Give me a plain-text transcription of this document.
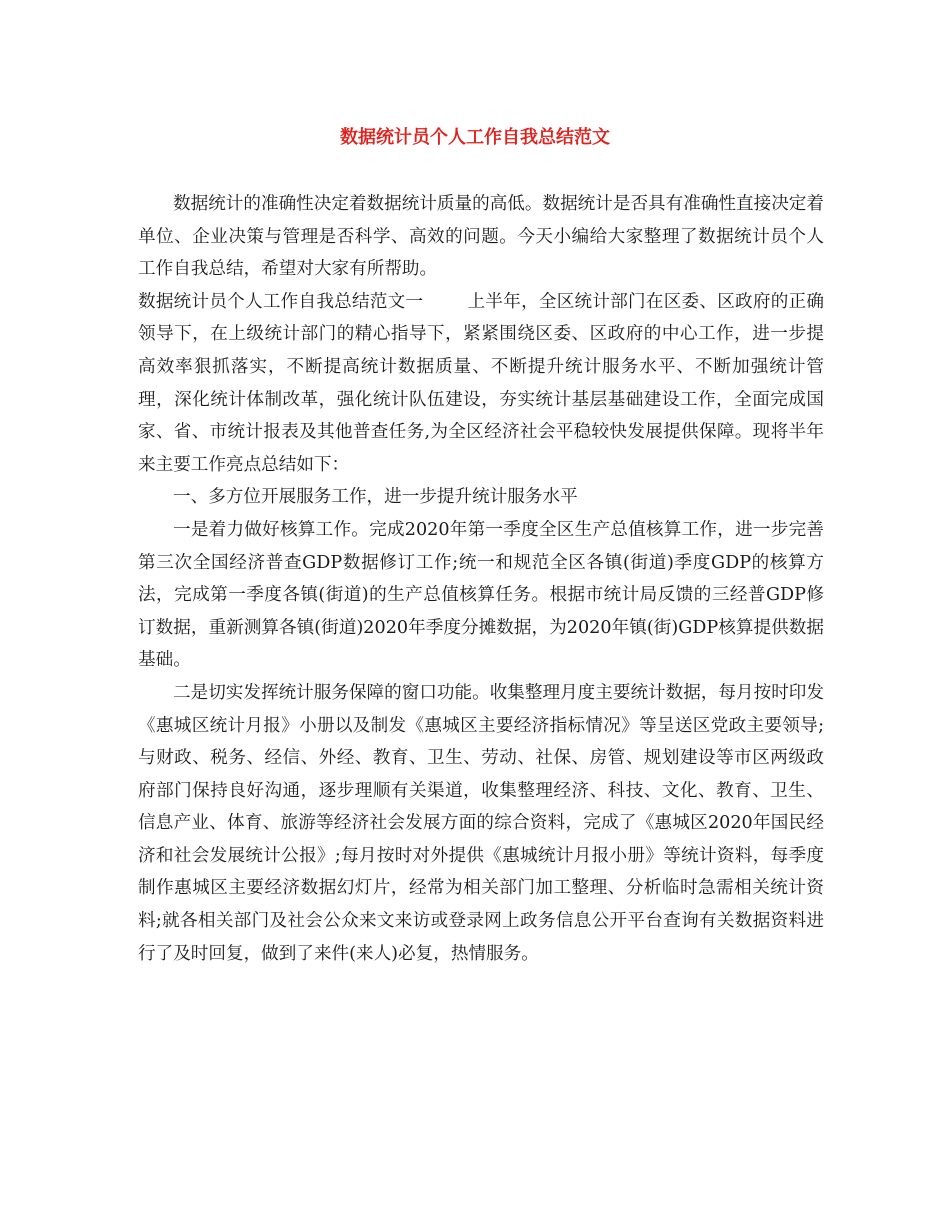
数据统计员个人工作自我总结范文

数据统计的准确性决定着数据统计质量的高低。数据统计是否具有准确性直接决定着单位、企业决策与管理是否科学、高效的问题。今天小编给大家整理了数据统计员个人工作自我总结，希望对大家有所帮助。

数据统计员个人工作自我总结范文一	上半年，全区统计部门在区委、区政府的正确领导下，在上级统计部门的精心指导下，紧紧围绕区委、区政府的中心工作，进一步提高效率狠抓落实，不断提高统计数据质量、不断提升统计服务水平、不断加强统计管理，深化统计体制改革，强化统计队伍建设，夯实统计基层基础建设工作，全面完成国家、省、市统计报表及其他普查任务,为全区经济社会平稳较快发展提供保障。现将半年来主要工作亮点总结如下：

一、多方位开展服务工作，进一步提升统计服务水平

一是着力做好核算工作。完成2020年第一季度全区生产总值核算工作，进一步完善第三次全国经济普查GDP数据修订工作;统一和规范全区各镇(街道)季度GDP的核算方法，完成第一季度各镇(街道)的生产总值核算任务。根据市统计局反馈的三经普GDP修订数据，重新测算各镇(街道)2020年季度分摊数据，为2020年镇(街)GDP核算提供数据基础。

二是切实发挥统计服务保障的窗口功能。收集整理月度主要统计数据，每月按时印发《惠城区统计月报》小册以及制发《惠城区主要经济指标情况》等呈送区党政主要领导;与财政、税务、经信、外经、教育、卫生、劳动、社保、房管、规划建设等市区两级政府部门保持良好沟通，逐步理顺有关渠道，收集整理经济、科技、文化、教育、卫生、信息产业、体育、旅游等经济社会发展方面的综合资料，完成了《惠城区2020年国民经济和社会发展统计公报》;每月按时对外提供《惠城统计月报小册》等统计资料，每季度制作惠城区主要经济数据幻灯片，经常为相关部门加工整理、分析临时急需相关统计资料;就各相关部门及社会公众来文来访或登录网上政务信息公开平台查询有关数据资料进行了及时回复，做到了来件(来人)必复，热情服务。
